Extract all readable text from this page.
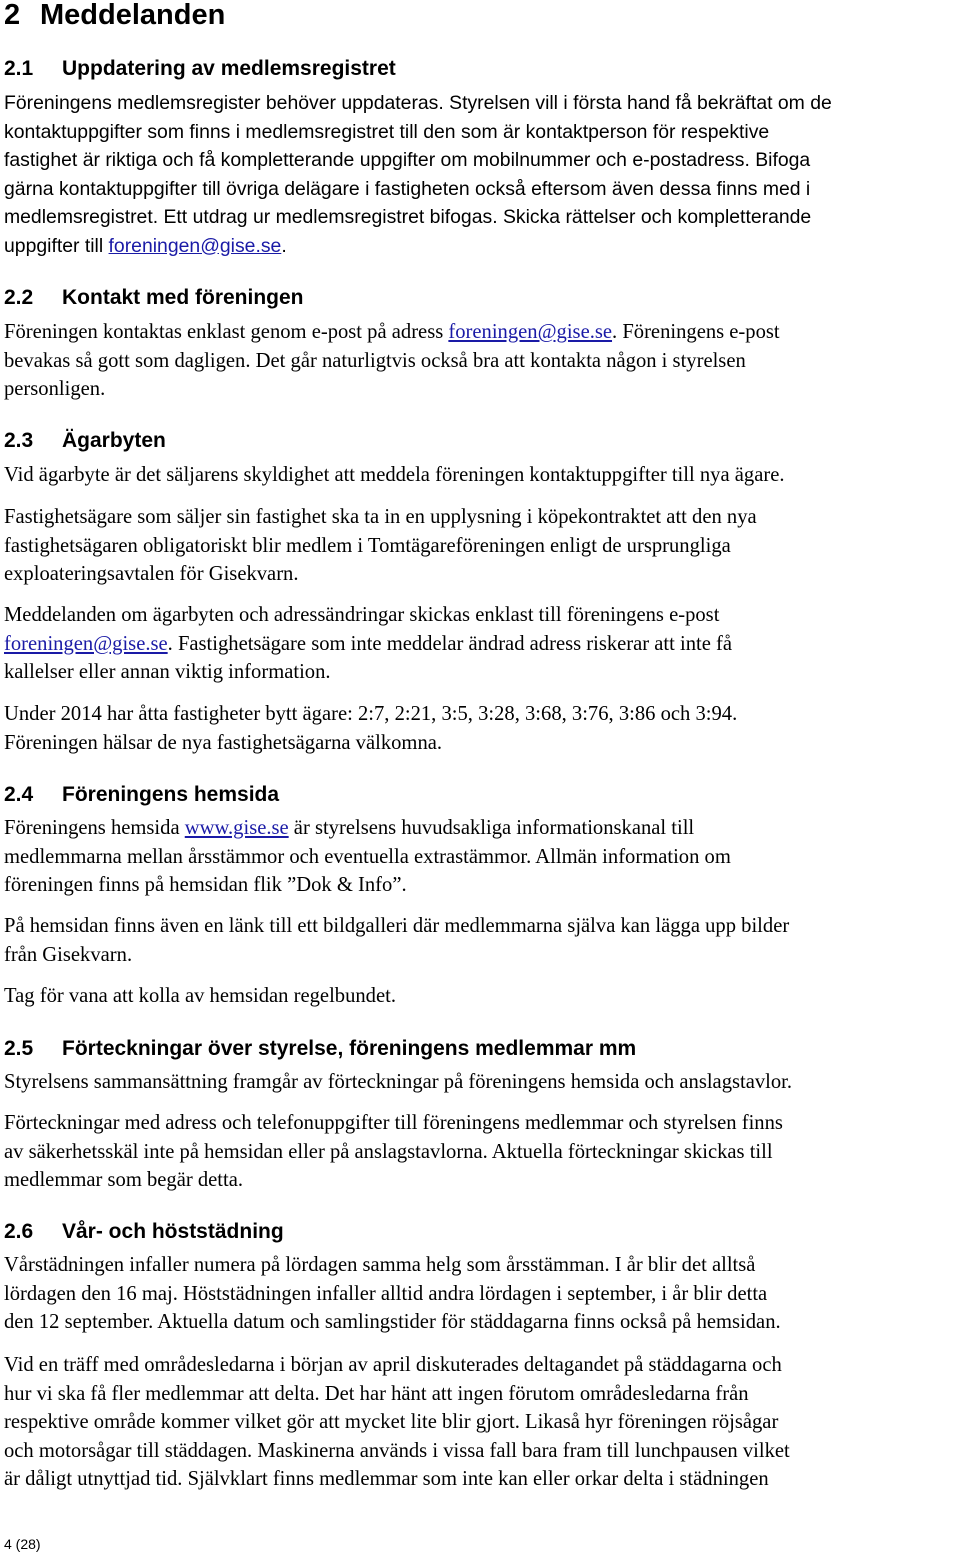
2 Meddelanden
2.1 Uppdatering av medlemsregistret
Föreningens medlemsregister behöver uppdateras. Styrelsen vill i första hand få bekräftat om de
kontaktuppgifter som finns i medlemsregistret till den som är kontaktperson för respektive
fastighet är riktiga och få kompletterande uppgifter om mobilnummer och e-postadress. Bifoga
gärna kontaktuppgifter till övriga delägare i fastigheten också eftersom även dessa finns med i
medlemsregistret. Ett utdrag ur medlemsregistret bifogas. Skicka rättelser och kompletterande
uppgifter till foreningen@gise.se.
2.2 Kontakt med föreningen
Föreningen kontaktas enklast genom e-post på adress foreningen@gise.se. Föreningens e-post
bevakas så gott som dagligen. Det går naturligtvis också bra att kontakta någon i styrelsen
personligen.
2.3 Ägarbyten
Vid ägarbyte är det säljarens skyldighet att meddela föreningen kontaktuppgifter till nya ägare.
Fastighetsägare som säljer sin fastighet ska ta in en upplysning i köpekontraktet att den nya
fastighetsägaren obligatoriskt blir medlem i Tomtägareföreningen enligt de ursprungliga
exploateringsavtalen för Gisekvarn.
Meddelanden om ägarbyten och adressändringar skickas enklast till föreningens e-post
foreningen@gise.se. Fastighetsägare som inte meddelar ändrad adress riskerar att inte få
kallelser eller annan viktig information.
Under 2014 har åtta fastigheter bytt ägare: 2:7, 2:21, 3:5, 3:28, 3:68, 3:76, 3:86 och 3:94.
Föreningen hälsar de nya fastighetsägarna välkomna.
2.4 Föreningens hemsida
Föreningens hemsida www.gise.se är styrelsens huvudsakliga informationskanal till
medlemmarna mellan årsstämmor och eventuella extrastämmor. Allmän information om
föreningen finns på hemsidan flik ”Dok & Info”.
På hemsidan finns även en länk till ett bildgalleri där medlemmarna själva kan lägga upp bilder
från Gisekvarn.
Tag för vana att kolla av hemsidan regelbundet.
2.5 Förteckningar över styrelse, föreningens medlemmar mm
Styrelsens sammansättning framgår av förteckningar på föreningens hemsida och anslagstavlor.
Förteckningar med adress och telefonuppgifter till föreningens medlemmar och styrelsen finns
av säkerhetsskäl inte på hemsidan eller på anslagstavlorna. Aktuella förteckningar skickas till
medlemmar som begär detta.
2.6 Vår- och höststädning
Vårstädningen infaller numera på lördagen samma helg som årsstämman. I år blir det alltså
lördagen den 16 maj. Höststädningen infaller alltid andra lördagen i september, i år blir detta
den 12 september. Aktuella datum och samlingstider för städdagarna finns också på hemsidan.
Vid en träff med områdesledarna i början av april diskuterades deltagandet på städdagarna och
hur vi ska få fler medlemmar att delta. Det har hänt att ingen förutom områdesledarna från
respektive område kommer vilket gör att mycket lite blir gjort. Likaså hyr föreningen röjsågar
och motorsågar till städdagen. Maskinerna används i vissa fall bara fram till lunchpausen vilket
är dåligt utnyttjad tid. Självklart finns medlemmar som inte kan eller orkar delta i städningen
4 (28)
